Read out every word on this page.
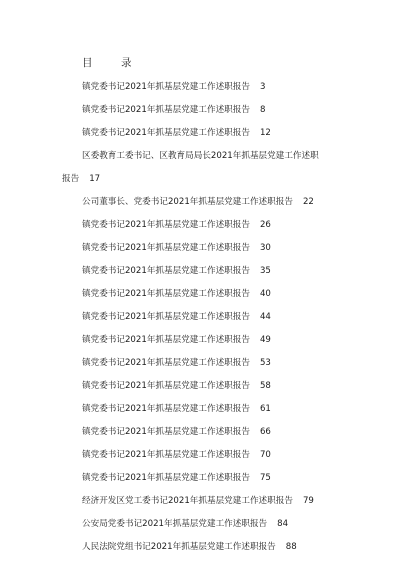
目　录
镇党委书记2021年抓基层党建工作述职报告 3
镇党委书记2021年抓基层党建工作述职报告 8
镇党委书记2021年抓基层党建工作述职报告 12
区委教育工委书记、区教育局局长2021年抓基层党建工作述职
报告 17
公司董事长、党委书记2021年抓基层党建工作述职报告 22
镇党委书记2021年抓基层党建工作述职报告 26
镇党委书记2021年抓基层党建工作述职报告 30
镇党委书记2021年抓基层党建工作述职报告 35
镇党委书记2021年抓基层党建工作述职报告 40
镇党委书记2021年抓基层党建工作述职报告 44
镇党委书记2021年抓基层党建工作述职报告 49
镇党委书记2021年抓基层党建工作述职报告 53
镇党委书记2021年抓基层党建工作述职报告 58
镇党委书记2021年抓基层党建工作述职报告 61
镇党委书记2021年抓基层党建工作述职报告 66
镇党委书记2021年抓基层党建工作述职报告 70
镇党委书记2021年抓基层党建工作述职报告 75
经济开发区党工委书记2021年抓基层党建工作述职报告 79
公安局党委书记2021年抓基层党建工作述职报告 84
人民法院党组书记2021年抓基层党建工作述职报告 88
